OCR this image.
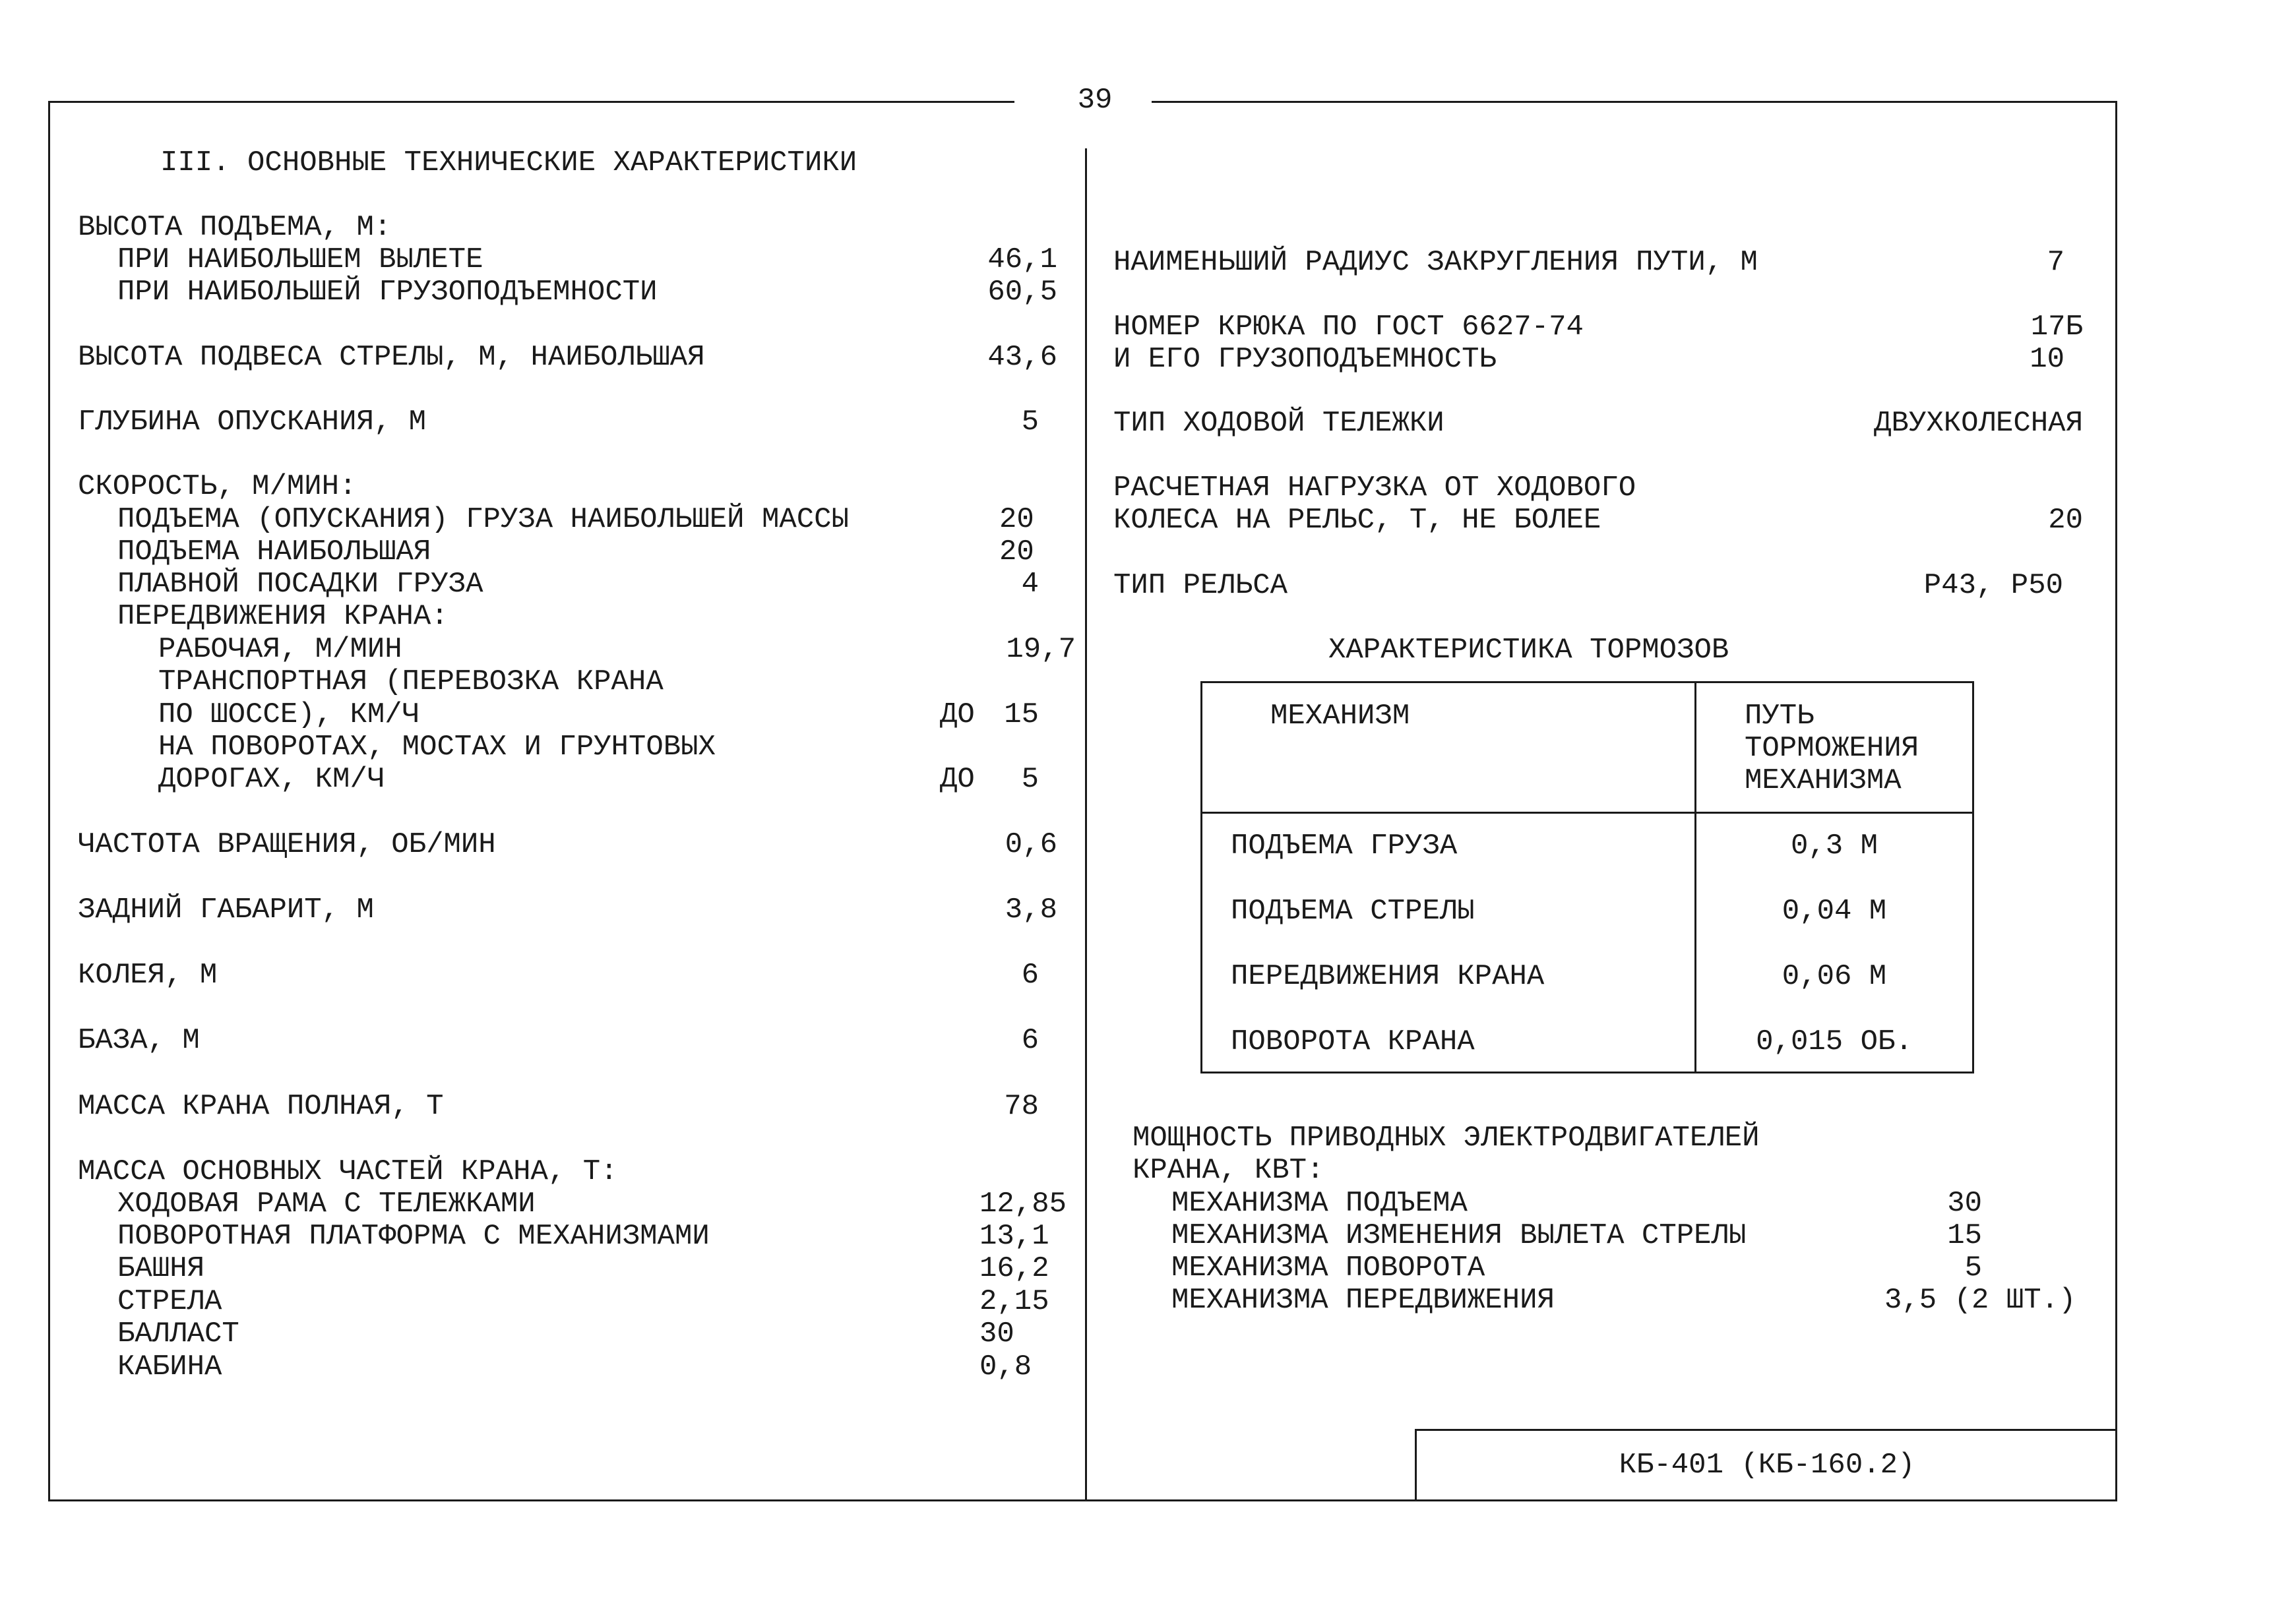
39
III. ОСНОВНЫЕ ТЕХНИЧЕСКИЕ ХАРАКТЕРИСТИКИ
ВЫСОТА ПОДЪЕМА, М:
ПРИ НАИБОЛЬШЕМ ВЫЛЕТЕ	46,1
ПРИ НАИБОЛЬШЕЙ ГРУЗОПОДЪЕМНОСТИ	60,5
ВЫСОТА ПОДВЕСА СТРЕЛЫ, М, НАИБОЛЬШАЯ	43,6
ГЛУБИНА ОПУСКАНИЯ, М	5
СКОРОСТЬ, М/МИН:
ПОДЪЕМА (ОПУСКАНИЯ) ГРУЗА НАИБОЛЬШЕЙ МАССЫ	20
ПОДЪЕМА НАИБОЛЬШАЯ	20
ПЛАВНОЙ ПОСАДКИ ГРУЗА	4
ПЕРЕДВИЖЕНИЯ КРАНА:
РАБОЧАЯ, М/МИН	19,7
ТРАНСПОРТНАЯ (ПЕРЕВОЗКА КРАНА
ПО ШОССЕ), КМ/Ч	ДО	15
НА ПОВОРОТАХ, МОСТАХ И ГРУНТОВЫХ
ДОРОГАХ, КМ/Ч	ДО	5
ЧАСТОТА ВРАЩЕНИЯ, ОБ/МИН	0,6
ЗАДНИЙ ГАБАРИТ, М	3,8
КОЛЕЯ, М	6
БАЗА, М	6
МАССА КРАНА ПОЛНАЯ, Т	78
МАССА ОСНОВНЫХ ЧАСТЕЙ КРАНА, Т:
ХОДОВАЯ РАМА С ТЕЛЕЖКАМИ	12,85
ПОВОРОТНАЯ ПЛАТФОРМА С МЕХАНИЗМАМИ	13,1
БАШНЯ	16,2
СТРЕЛА	2,15
БАЛЛАСТ	30
КАБИНА	0,8
НАИМЕНЬШИЙ РАДИУС ЗАКРУГЛЕНИЯ ПУТИ, М	7
НОМЕР КРЮКА ПО ГОСТ 6627-74	17Б
И ЕГО ГРУЗОПОДЪЕМНОСТЬ	10
ТИП ХОДОВОЙ ТЕЛЕЖКИ	ДВУХКОЛЕСНАЯ
РАСЧЕТНАЯ НАГРУЗКА ОТ ХОДОВОГО
КОЛЕСА НА РЕЛЬС, Т, НЕ БОЛЕЕ	20
ТИП РЕЛЬСА	Р43, Р50
ХАРАКТЕРИСТИКА ТОРМОЗОВ
МЕХАНИЗМ	ПУТЬ
ТОРМОЖЕНИЯ
МЕХАНИЗМА
ПОДЪЕМА ГРУЗА	0,3 М
ПОДЪЕМА СТРЕЛЫ	0,04 М
ПЕРЕДВИЖЕНИЯ КРАНА	0,06 М
ПОВОРОТА КРАНА	0,015 ОБ.
МОЩНОСТЬ ПРИВОДНЫХ ЭЛЕКТРОДВИГАТЕЛЕЙ
КРАНА, КВТ:
МЕХАНИЗМА ПОДЪЕМА	30
МЕХАНИЗМА ИЗМЕНЕНИЯ ВЫЛЕТА СТРЕЛЫ	15
МЕХАНИЗМА ПОВОРОТА	5
МЕХАНИЗМА ПЕРЕДВИЖЕНИЯ	3,5 (2 ШТ.)
КБ-401 (КБ-160.2)
